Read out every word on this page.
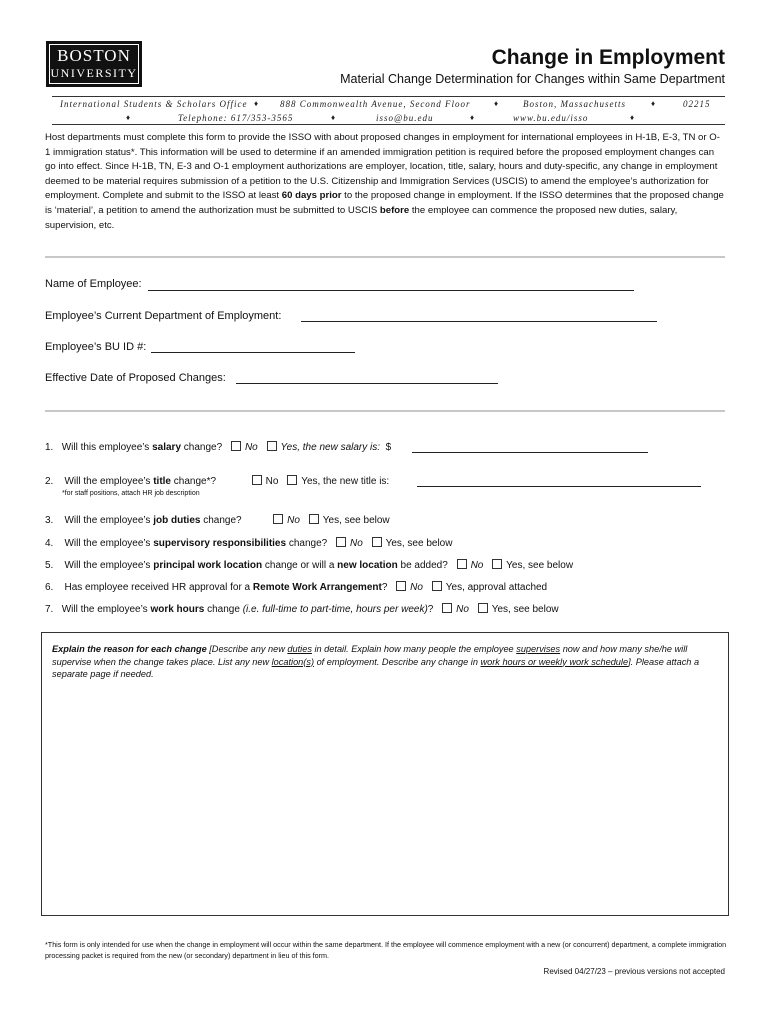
BOSTON
UNIVERSITY
Change in Employment
Material Change Determination for Changes within Same Department
International Students & Scholars Office ♦ 888 Commonwealth Avenue, Second Floor	♦	Boston, Massachusetts	♦	02215
♦	Telephone: 617/353-3565	♦	isso@bu.edu	♦	www.bu.edu/isso	♦
Host departments must complete this form to provide the ISSO with about proposed changes in employment for international employees in H-1B, E-3, TN or O-1 immigration status*. This information will be used to determine if an amended immigration petition is required before the proposed employment changes can go into effect. Since H-1B, TN, E-3 and O-1 employment authorizations are employer, location, title, salary, hours and duty-specific, any change in employment deemed to be material requires submission of a petition to the U.S. Citizenship and Immigration Services (USCIS) to amend the employee’s authorization for employment. Complete and submit to the ISSO at least 60 days prior to the proposed change in employment. If the ISSO determines that the proposed change is ‘material’, a petition to amend the authorization must be submitted to USCIS before the employee can commence the proposed new duties, salary, supervision, etc.
Name of Employee:
Employee’s Current Department of Employment:
Employee’s BU ID #:
Effective Date of Proposed Changes:
1. Will this employee’s salary change? No Yes, the new salary is: $
2. Will the employee’s title change*?	No Yes, the new title is:
*for staff positions, attach HR job description
3. Will the employee’s job duties change?	No Yes, see below
4. Will the employee’s supervisory responsibilities change? No Yes, see below
5. Will the employee’s principal work location change or will a new location be added? No Yes, see below
6. Has employee received HR approval for a Remote Work Arrangement? No Yes, approval attached
7. Will the employee’s work hours change (i.e. full-time to part-time, hours per week)? No Yes, see below
Explain the reason for each change [Describe any new duties in detail. Explain how many people the employee supervises now and how many she/he will supervise when the change takes place. List any new location(s) of employment. Describe any change in work hours or weekly work schedule]. Please attach a separate page if needed.
*This form is only intended for use when the change in employment will occur within the same department. If the employee will commence employment with a new (or concurrent) department, a complete immigration processing packet is required from the new (or secondary) department in lieu of this form.
Revised 04/27/23 – previous versions not accepted
